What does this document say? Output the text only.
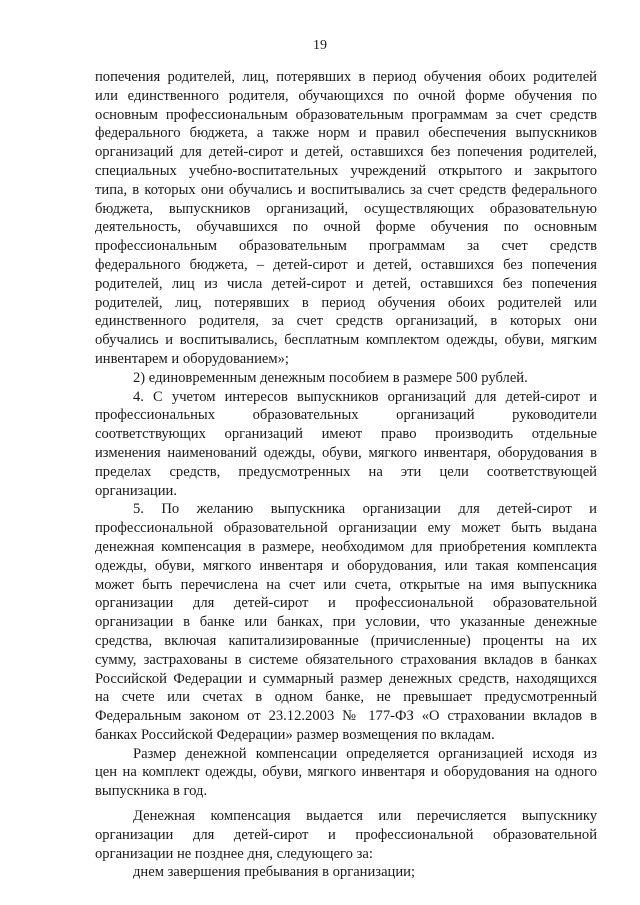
19
попечения родителей, лиц, потерявших в период обучения обоих родителей
или единственного родителя, обучающихся по очной форме обучения по
основным профессиональным образовательным программам за счет средств
федерального бюджета, а также норм и правил обеспечения выпускников
организаций для детей-сирот и детей, оставшихся без попечения родителей,
специальных учебно-воспитательных учреждений открытого и закрытого
типа, в которых они обучались и воспитывались за счет средств федерального
бюджета, выпускников организаций, осуществляющих образовательную
деятельность, обучавшихся по очной форме обучения по основным
профессиональным образовательным программам за счет средств
федерального бюджета, – детей-сирот и детей, оставшихся без попечения
родителей, лиц из числа детей-сирот и детей, оставшихся без попечения
родителей, лиц, потерявших в период обучения обоих родителей или
единственного родителя, за счет средств организаций, в которых они
обучались и воспитывались, бесплатным комплектом одежды, обуви, мягким
инвентарем и оборудованием»;
2) единовременным денежным пособием в размере 500 рублей.
4. С учетом интересов выпускников организаций для детей-сирот и
профессиональных образовательных организаций руководители
соответствующих организаций имеют право производить отдельные
изменения наименований одежды, обуви, мягкого инвентаря, оборудования в
пределах средств, предусмотренных на эти цели соответствующей
организации.
5. По желанию выпускника организации для детей-сирот и
профессиональной образовательной организации ему может быть выдана
денежная компенсация в размере, необходимом для приобретения комплекта
одежды, обуви, мягкого инвентаря и оборудования, или такая компенсация
может быть перечислена на счет или счета, открытые на имя выпускника
организации для детей-сирот и профессиональной образовательной
организации в банке или банках, при условии, что указанные денежные
средства, включая капитализированные (причисленные) проценты на их
сумму, застрахованы в системе обязательного страхования вкладов в банках
Российской Федерации и суммарный размер денежных средств, находящихся
на счете или счетах в одном банке, не превышает предусмотренный
Федеральным законом от 23.12.2003 № 177-ФЗ «О страховании вкладов в
банках Российской Федерации» размер возмещения по вкладам.
Размер денежной компенсации определяется организацией исходя из
цен на комплект одежды, обуви, мягкого инвентаря и оборудования на одного
выпускника в год.
Денежная компенсация выдается или перечисляется выпускнику
организации для детей-сирот и профессиональной образовательной
организации не позднее дня, следующего за:
днем завершения пребывания в организации;
